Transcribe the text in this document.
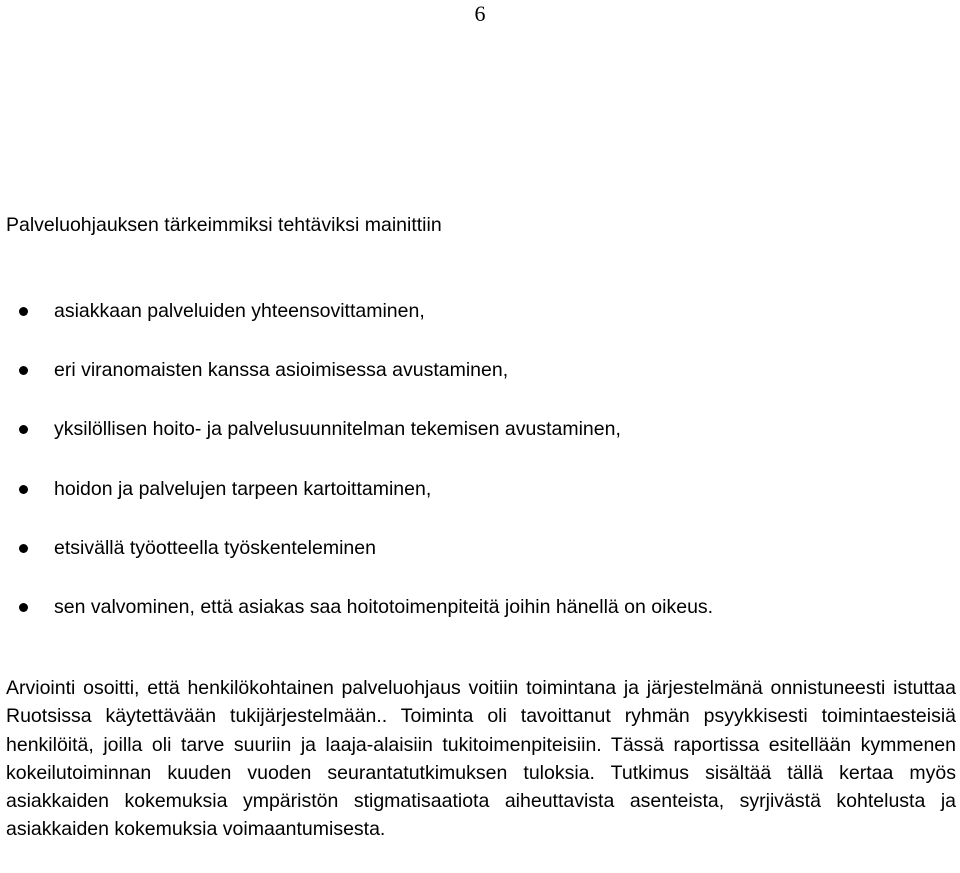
6

Palveluohjauksen tärkeimmiksi tehtäviksi mainittiin

asiakkaan palveluiden yhteensovittaminen,
eri viranomaisten kanssa asioimisessa avustaminen,
yksilöllisen hoito- ja palvelusuunnitelman tekemisen avustaminen,
hoidon ja palvelujen tarpeen kartoittaminen,
etsivällä työotteella työskenteleminen
sen valvominen, että asiakas saa hoitotoimenpiteitä joihin hänellä on oikeus.

Arviointi osoitti, että henkilökohtainen palveluohjaus voitiin toimintana ja järjestelmänä onnistuneesti istuttaa Ruotsissa käytettävään tukijärjestelmään.. Toiminta oli tavoittanut ryhmän psyykkisesti toimintaesteisiä henkilöitä, joilla oli tarve suuriin ja laaja-alaisiin tukitoimenpiteisiin. Tässä raportissa esitellään kymmenen kokeilutoiminnan kuuden vuoden seurantatutkimuksen tuloksia. Tutkimus sisältää tällä kertaa myös asiakkaiden kokemuksia ympäristön stigmatisaatiota aiheuttavista asenteista, syrjivästä kohtelusta ja asiakkaiden kokemuksia voimaantumisesta.
